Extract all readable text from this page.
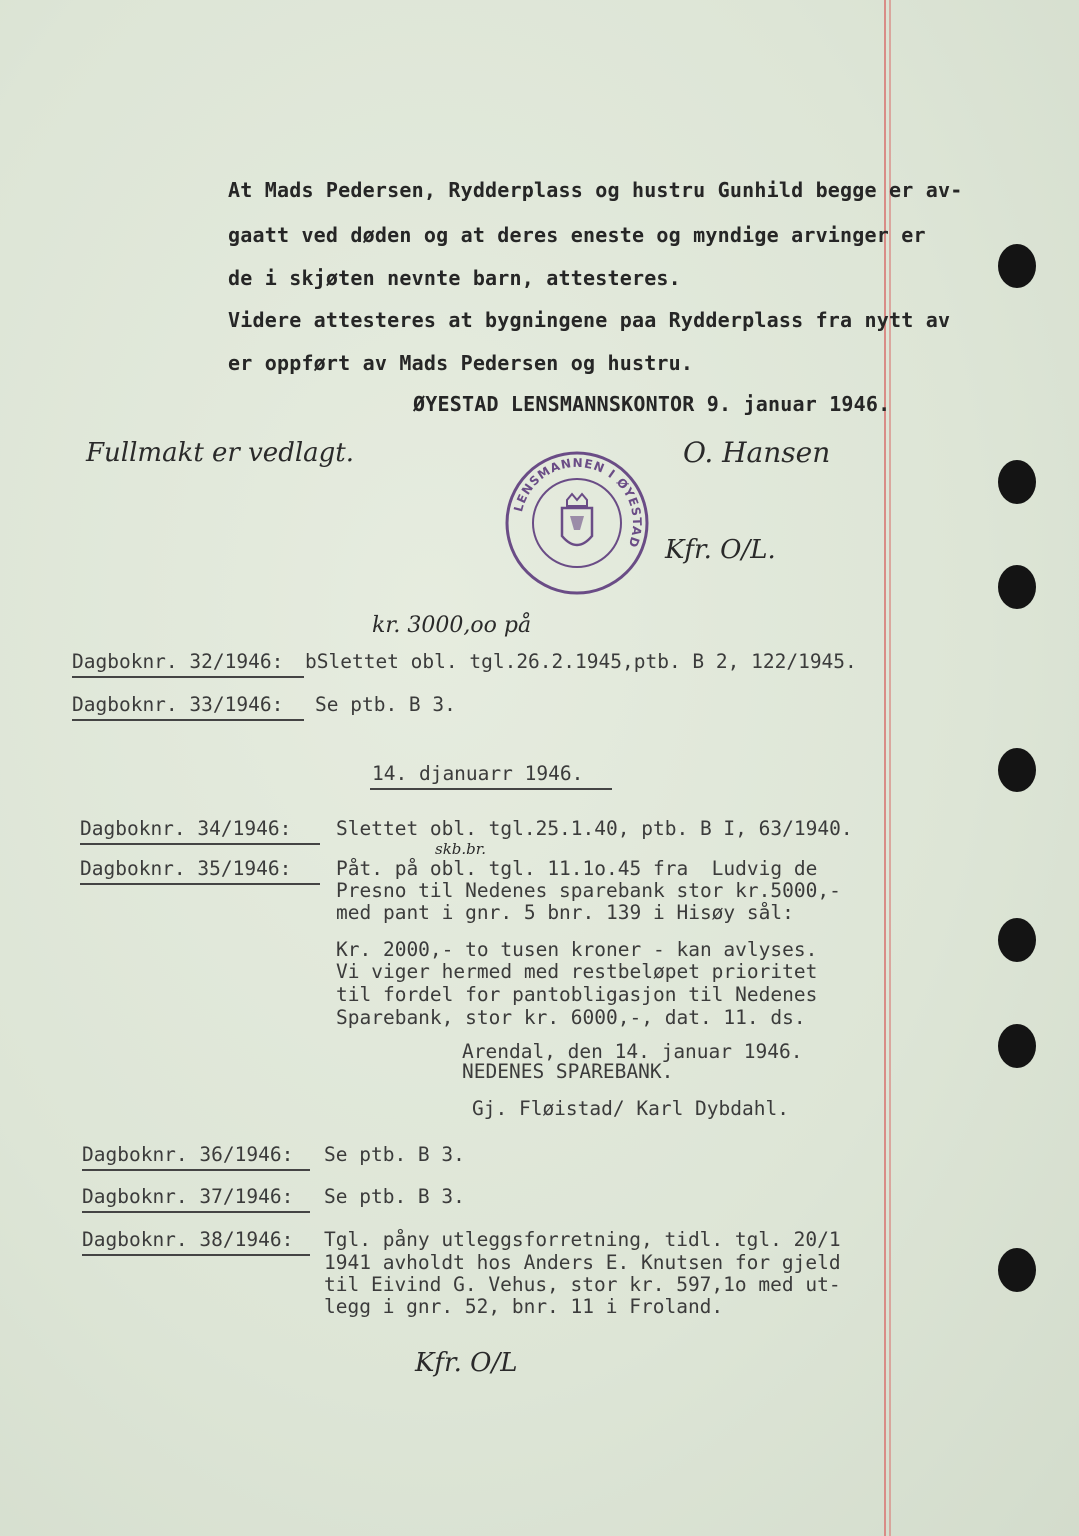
At Mads Pedersen, Rydderplass og hustru Gunhild begge er av-
gaatt ved døden og at deres eneste og myndige arvinger er
de i skjøten nevnte barn, attesteres.
Videre attesteres at bygningene paa Rydderplass fra nytt av
er oppført av Mads Pedersen og hustru.
ØYESTAD LENSMANNSKONTOR 9. januar 1946.
Fullmakt er vedlagt.	O. Hansen
Kfr. O/L.
kr. 3000,oo på
Kfr. O/L
LENSMANNEN I ØYESTAD
Dagboknr. 32/1946: bSlettet obl. tgl.26.2.1945,ptb. B 2, 122/1945.
Dagboknr. 33/1946: Se ptb. B 3.
14. djanuarr 1946.
Dagboknr. 34/1946: Slettet obl. tgl.25.1.40, ptb. B I, 63/1940.
Dagboknr. 35/1946:
skb.br.
Påt. på obl. tgl. 11.1o.45 fra  Ludvig de
Presno til Nedenes sparebank stor kr.5000,-
med pant i gnr. 5 bnr. 139 i Hisøy sål:
Kr. 2000,- to tusen kroner - kan avlyses.
Vi viger hermed med restbeløpet prioritet
til fordel for pantobligasjon til Nedenes
Sparebank, stor kr. 6000,-, dat. 11. ds.
Arendal, den 14. januar 1946.
NEDENES SPAREBANK.
Gj. Fløistad/ Karl Dybdahl.
Dagboknr. 36/1946: Se ptb. B 3.
Dagboknr. 37/1946: Se ptb. B 3.
Dagboknr. 38/1946: Tgl. påny utleggsforretning, tidl. tgl. 20/1
1941 avholdt hos Anders E. Knutsen for gjeld
til Eivind G. Vehus, stor kr. 597,1o med ut-
legg i gnr. 52, bnr. 11 i Froland.
